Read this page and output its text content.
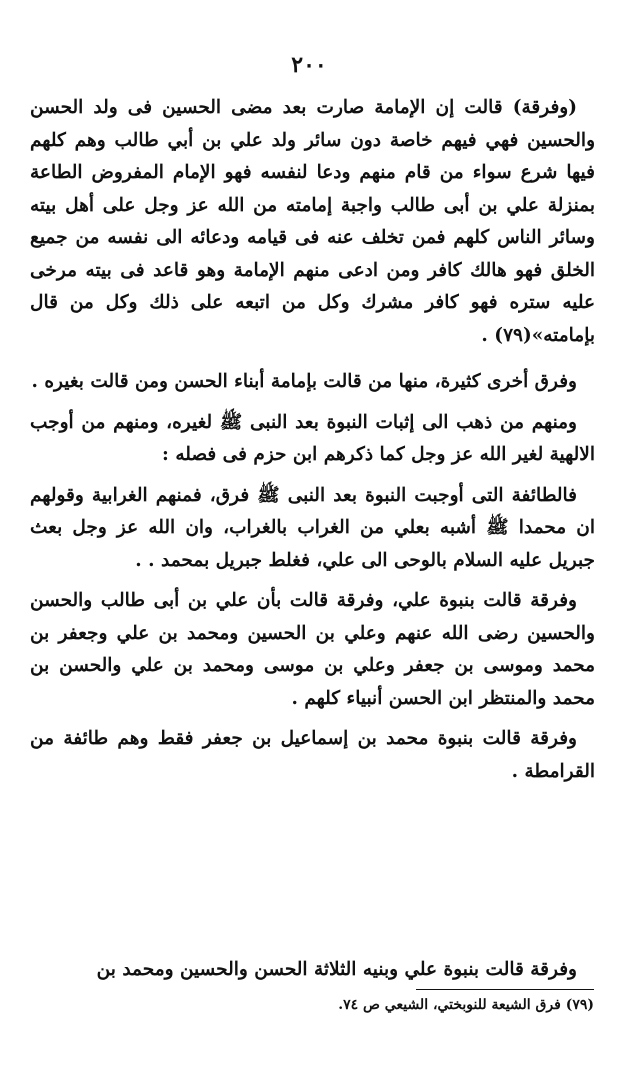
٢٠٠

(وفرقة) قالت إن الإمامة صارت بعد مضى الحسين فى ولد الحسن والحسين فهي فيهم خاصة دون سائر ولد علي بن أبي طالب وهم كلهم فيها شرع سواء من قام منهم ودعا لنفسه فهو الإمام المفروض الطاعة بمنزلة علي بن أبى طالب واجبة إمامته من الله عز وجل على أهل بيته وسائر الناس كلهم فمن تخلف عنه فى قيامه ودعائه الى نفسه من جميع الخلق فهو هالك كافر ومن ادعى منهم الإمامة وهو قاعد فى بيته مرخى عليه ستره فهو كافر مشرك وكل من اتبعه على ذلك وكل من قال بإمامته»(٧٩) .

وفرق أخرى كثيرة، منها من قالت بإمامة أبناء الحسن ومن قالت بغيره .

ومنهم من ذهب الى إثبات النبوة بعد النبى ﷺ لغيره، ومنهم من أوجب الالهية لغير الله عز وجل كما ذكرهم ابن حزم فى فصله :

فالطائفة التى أوجبت النبوة بعد النبى ﷺ فرق، فمنهم الغرابية وقولهم ان محمدا ﷺ أشبه بعلي من الغراب بالغراب، وان الله عز وجل بعث جبريل عليه السلام بالوحى الى علي، فغلط جبريل بمحمد . .

وفرقة قالت بنبوة علي، وفرقة قالت بأن علي بن أبى طالب والحسن والحسين رضى الله عنهم وعلي بن الحسين ومحمد بن علي وجعفر بن محمد وموسى بن جعفر وعلي بن موسى ومحمد بن علي والحسن بن محمد والمنتظر ابن الحسن أنبياء كلهم .

وفرقة قالت بنبوة محمد بن إسماعيل بن جعفر فقط وهم طائفة من القرامطة .

وفرقة قالت بنبوة علي وبنيه الثلاثة الحسن والحسين ومحمد بن

(٧٩) فرق الشيعة للنوبختي، الشيعي ص ٧٤.
